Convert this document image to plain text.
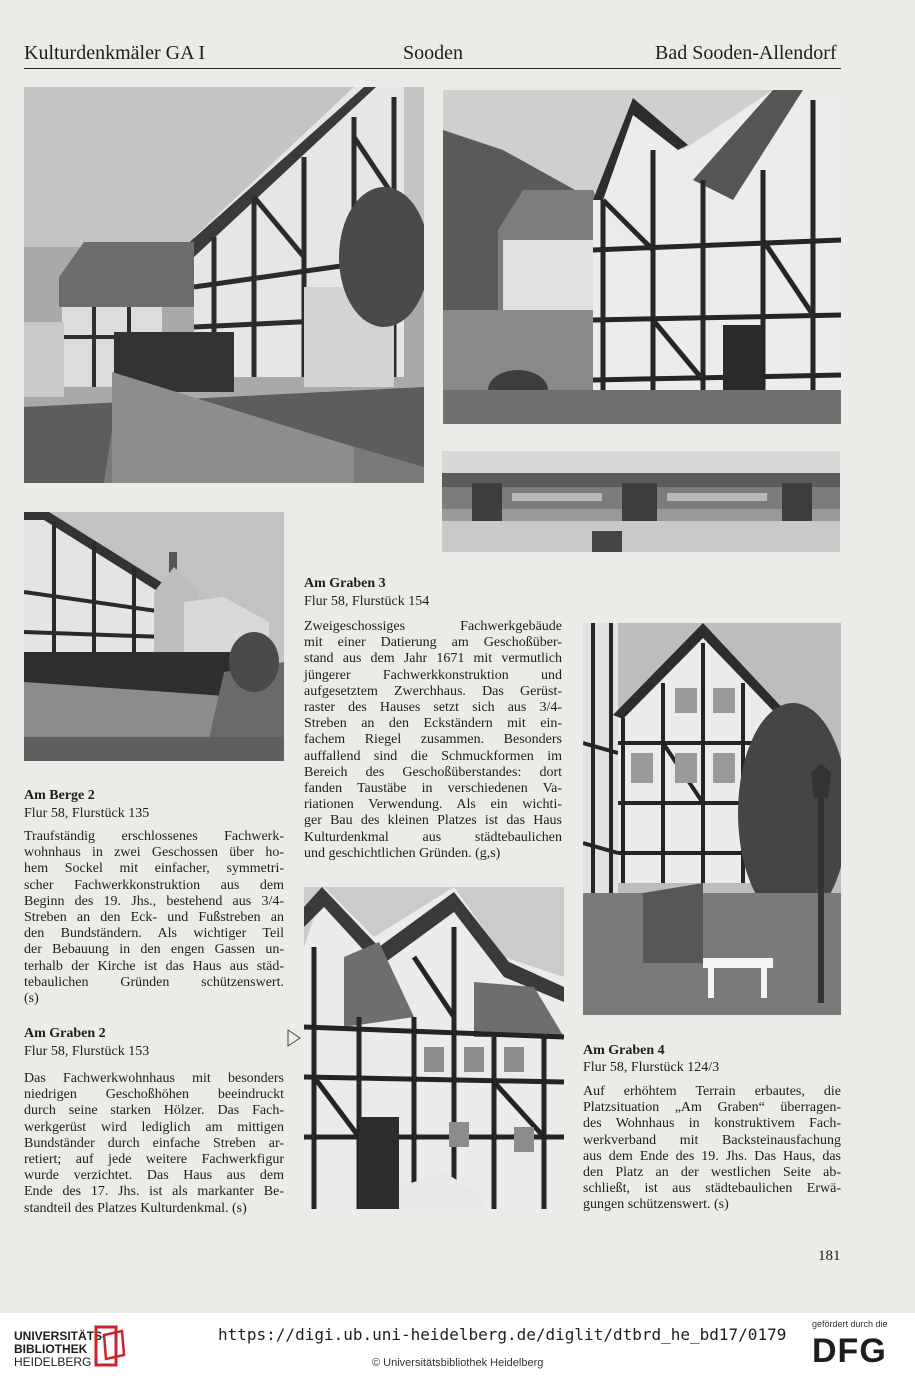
Kulturdenkmäler GA I	Sooden	Bad Sooden-Allendorf
Am Graben 3
Flur 58, Flurstück 154
Zweigeschossiges Fachwerkgebäude
mit einer Datierung am Geschoßüber-
stand aus dem Jahr 1671 mit vermutlich
jüngerer Fachwerkkonstruktion und
aufgesetztem Zwerchhaus. Das Gerüst-
raster des Hauses setzt sich aus 3/4-
Streben an den Eckständern mit ein-
fachem Riegel zusammen. Besonders
auffallend sind die Schmuckformen im
Bereich des Geschoßüberstandes: dort
fanden Taustäbe in verschiedenen Va-
riationen Verwendung. Als ein wichti-
ger Bau des kleinen Platzes ist das Haus
Kulturdenkmal aus städtebaulichen
und geschichtlichen Gründen. (g,s)
Am Berge 2
Flur 58, Flurstück 135
Traufständig erschlossenes Fachwerk-
wohnhaus in zwei Geschossen über ho-
hem Sockel mit einfacher, symmetri-
scher Fachwerkkonstruktion aus dem
Beginn des 19. Jhs., bestehend aus 3/4-
Streben an den Eck- und Fußstreben an
den Bundständern. Als wichtiger Teil
der Bebauung in den engen Gassen un-
terhalb der Kirche ist das Haus aus städ-
tebaulichen Gründen schützenswert.
(s)
Am Graben 2
Flur 58, Flurstück 153
Das Fachwerkwohnhaus mit besonders
niedrigen Geschoßhöhen beeindruckt
durch seine starken Hölzer. Das Fach-
werkgerüst wird lediglich am mittigen
Bundständer durch einfache Streben ar-
retiert; auf jede weitere Fachwerkfigur
wurde verzichtet. Das Haus aus dem
Ende des 17. Jhs. ist als markanter Be-
standteil des Platzes Kulturdenkmal. (s)
Am Graben 4
Flur 58, Flurstück 124/3
Auf erhöhtem Terrain erbautes, die
Platzsituation „Am Graben“ überragen-
des Wohnhaus in konstruktivem Fach-
werkverband mit Backsteinausfachung
aus dem Ende des 19. Jhs. Das Haus, das
den Platz an der westlichen Seite ab-
schließt, ist aus städtebaulichen Erwä-
gungen schützenswert. (s)
181
UNIVERSITÄTS-
BIBLIOTHEK
HEIDELBERG
https://digi.ub.uni-heidelberg.de/diglit/dtbrd_he_bd17/0179
© Universitätsbibliothek Heidelberg
gefördert durch die
DFG
